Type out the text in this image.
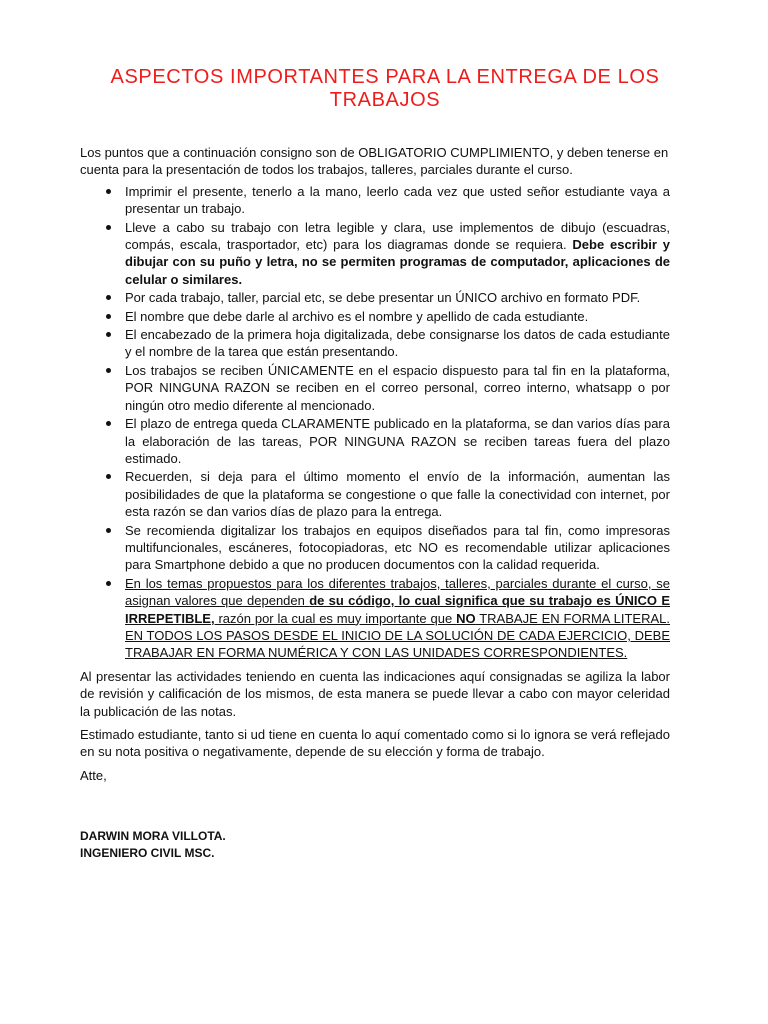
ASPECTOS IMPORTANTES PARA LA ENTREGA DE LOS TRABAJOS

Los puntos que a continuación consigno son de OBLIGATORIO CUMPLIMIENTO, y deben tenerse en cuenta para la presentación de todos los trabajos, talleres, parciales durante el curso.

Imprimir el presente, tenerlo a la mano, leerlo cada vez que usted señor estudiante vaya a presentar un trabajo.
Lleve a cabo su trabajo con letra legible y clara, use implementos de dibujo (escuadras, compás, escala, trasportador, etc) para los diagramas donde se requiera. Debe escribir y dibujar con su puño y letra, no se permiten programas de computador, aplicaciones de celular o similares.
Por cada trabajo, taller, parcial etc, se debe presentar un ÚNICO archivo en formato PDF.
El nombre que debe darle al archivo es el nombre y apellido de cada estudiante.
El encabezado de la primera hoja digitalizada, debe consignarse los datos de cada estudiante y el nombre de la tarea que están presentando.
Los trabajos se reciben ÚNICAMENTE en el espacio dispuesto para tal fin en la plataforma, POR NINGUNA RAZON se reciben en el correo personal, correo interno, whatsapp o por ningún otro medio diferente al mencionado.
El plazo de entrega queda CLARAMENTE publicado en la plataforma, se dan varios días para la elaboración de las tareas, POR NINGUNA RAZON se reciben tareas fuera del plazo estimado.
Recuerden, si deja para el último momento el envío de la información, aumentan las posibilidades de que la plataforma se congestione o que falle la conectividad con internet, por esta razón se dan varios días de plazo para la entrega.
Se recomienda digitalizar los trabajos en equipos diseñados para tal fin, como impresoras multifuncionales, escáneres, fotocopiadoras, etc NO es recomendable utilizar aplicaciones para Smartphone debido a que no producen documentos con la calidad requerida.
En los temas propuestos para los diferentes trabajos, talleres, parciales durante el curso, se asignan valores que dependen de su código, lo cual significa que su trabajo es ÚNICO E IRREPETIBLE, razón por la cual es muy importante que NO TRABAJE EN FORMA LITERAL. EN TODOS LOS PASOS DESDE EL INICIO DE LA SOLUCIÓN DE CADA EJERCICIO, DEBE TRABAJAR EN FORMA NUMÉRICA Y CON LAS UNIDADES CORRESPONDIENTES.

Al presentar las actividades teniendo en cuenta las indicaciones aquí consignadas se agiliza la labor de revisión y calificación de los mismos, de esta manera se puede llevar a cabo con mayor celeridad la publicación de las notas.

Estimado estudiante, tanto si ud tiene en cuenta lo aquí comentado como si lo ignora se verá reflejado en su nota positiva o negativamente, depende de su elección y forma de trabajo.

Atte,

DARWIN MORA VILLOTA.
INGENIERO CIVIL MSC.
